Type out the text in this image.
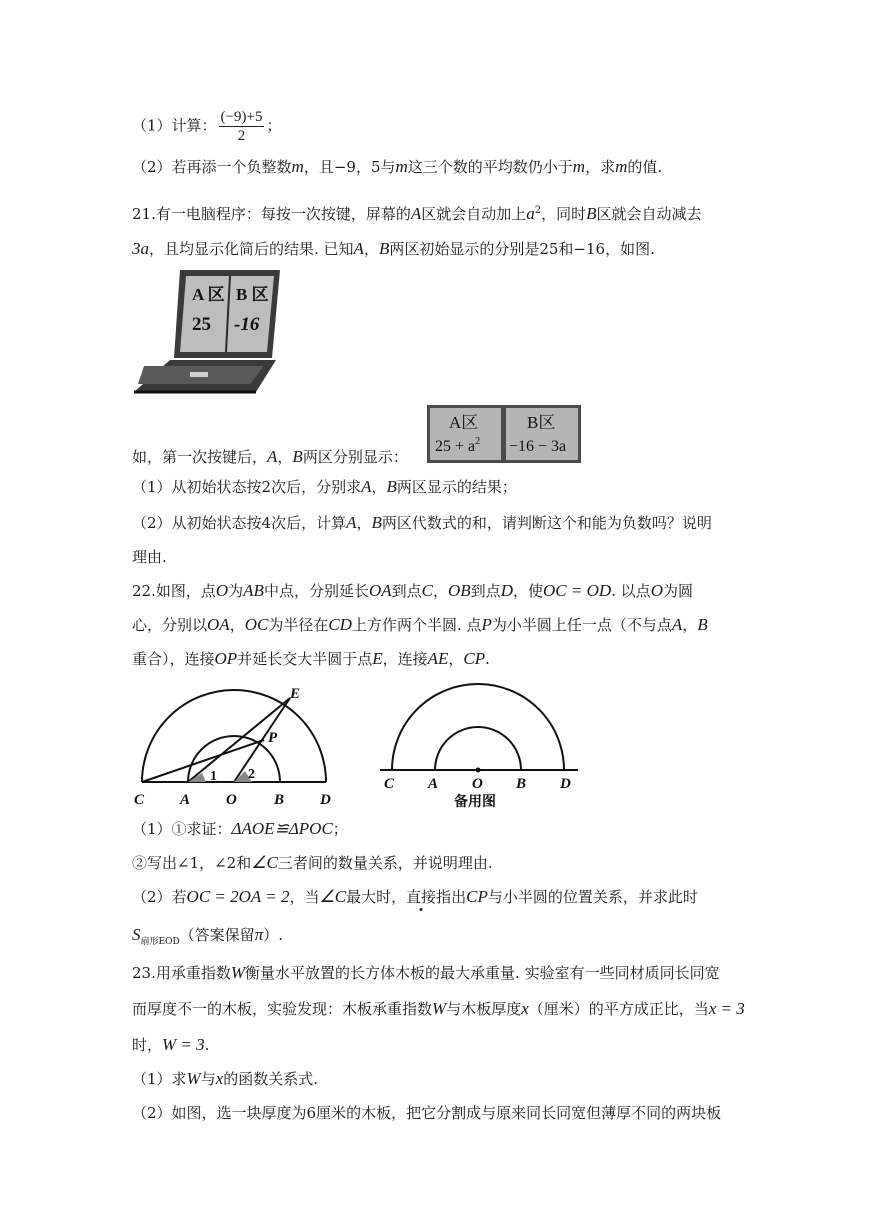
（1）计算： $\frac{(-9)+5}{2}$ ；
（2）若再添一个负整数m，且−9，5与m这三个数的平均数仍小于m，求m的值.
21.有一电脑程序：每按一次按键，屏幕的A区就会自动加上$a^2$，同时B区就会自动减去
3a，且均显示化简后的结果. 已知A，B两区初始显示的分别是25和−16，如图.
A 区 B 区
25 -16
如，第一次按键后，A，B两区分别显示：
A区	B区
$25 + a^2 -16 - 3a$
（1）从初始状态按2次后，分别求A，B两区显示的结果；
（2）从初始状态按4次后，计算A，B两区代数式的和，请判断这个和能为负数吗？说明
理由.
22.如图，点O为AB中点，分别延长OA到点C，OB到点D，使OC = OD. 以点O为圆
心，分别以OA，OC为半径在CD上方作两个半圆. 点P为小半圆上任一点（不与点A，B
重合），连接OP并延长交大半圆于点E，连接AE，CP.
C A O B D
E
P
1 2
C A O B D
备用图
（1）①求证：ΔAOE≌ΔPOC；
②写出∠1，∠2和∠C三者间的数量关系，并说明理由.
（2）若OC = 2OA = 2，当∠C最大时，直接指出CP与小半圆的位置关系，并求此时
$S_{扇形EOD}$（答案保留π）.
23.用承重指数W衡量水平放置的长方体木板的最大承重量. 实验室有一些同材质同长同宽
而厚度不一的木板，实验发现：木板承重指数W与木板厚度x（厘米）的平方成正比，当x = 3
时，W = 3.
（1）求W与x的函数关系式.
（2）如图，选一块厚度为6厘米的木板，把它分割成与原来同长同宽但薄厚不同的两块板
